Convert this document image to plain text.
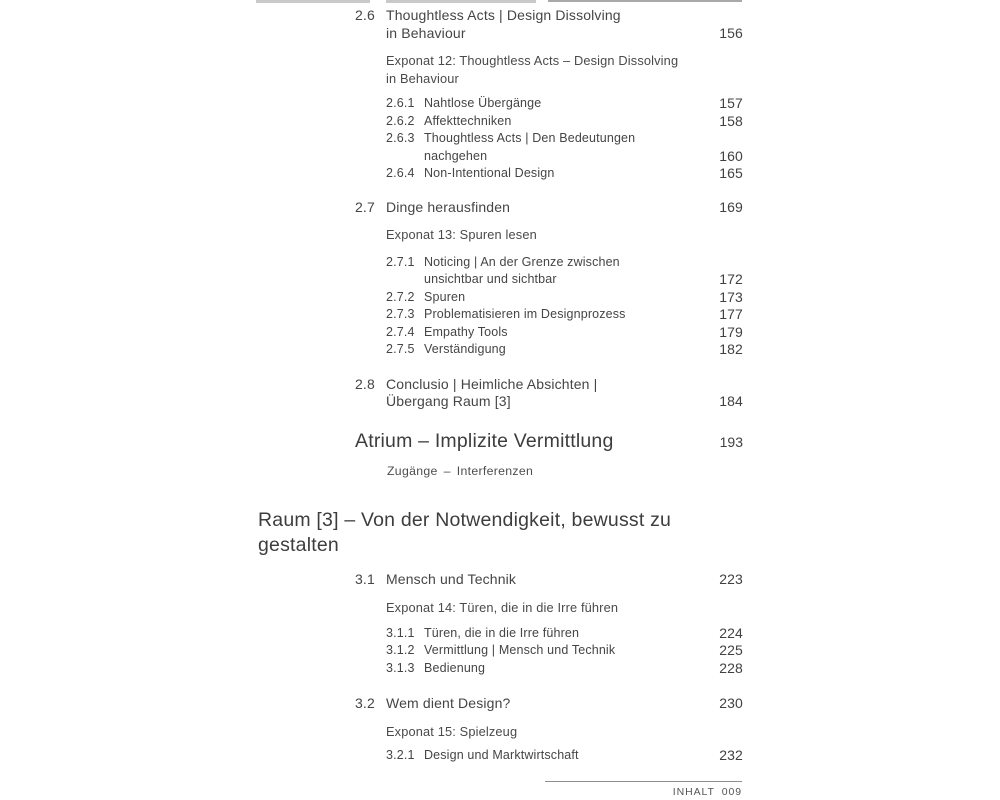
2.6 Thoughtless Acts | Design Dissolving
in Behaviour	156
Exponat 12: Thoughtless Acts – Design Dissolving
in Behaviour
2.6.1 Nahtlose Übergänge	157
2.6.2 Affekttechniken	158
2.6.3 Thoughtless Acts | Den Bedeutungen
nachgehen	160
2.6.4 Non-Intentional Design	165
2.7 Dinge herausfinden	169
Exponat 13: Spuren lesen
2.7.1 Noticing | An der Grenze zwischen
unsichtbar und sichtbar	172
2.7.2 Spuren	173
2.7.3 Problematisieren im Designprozess	177
2.7.4 Empathy Tools	179
2.7.5 Verständigung	182
2.8 Conclusio | Heimliche Absichten |
Übergang Raum [3]	184
Atrium – Implizite Vermittlung	193
Zugänge – Interferenzen
Raum [3] – Von der Notwendigkeit, bewusst zu gestalten
3.1 Mensch und Technik	223
Exponat 14: Türen, die in die Irre führen
3.1.1 Türen, die in die Irre führen	224
3.1.2 Vermittlung | Mensch und Technik	225
3.1.3 Bedienung	228
3.2 Wem dient Design?	230
Exponat 15: Spielzeug
3.2.1 Design und Marktwirtschaft	232
INHALT 009
